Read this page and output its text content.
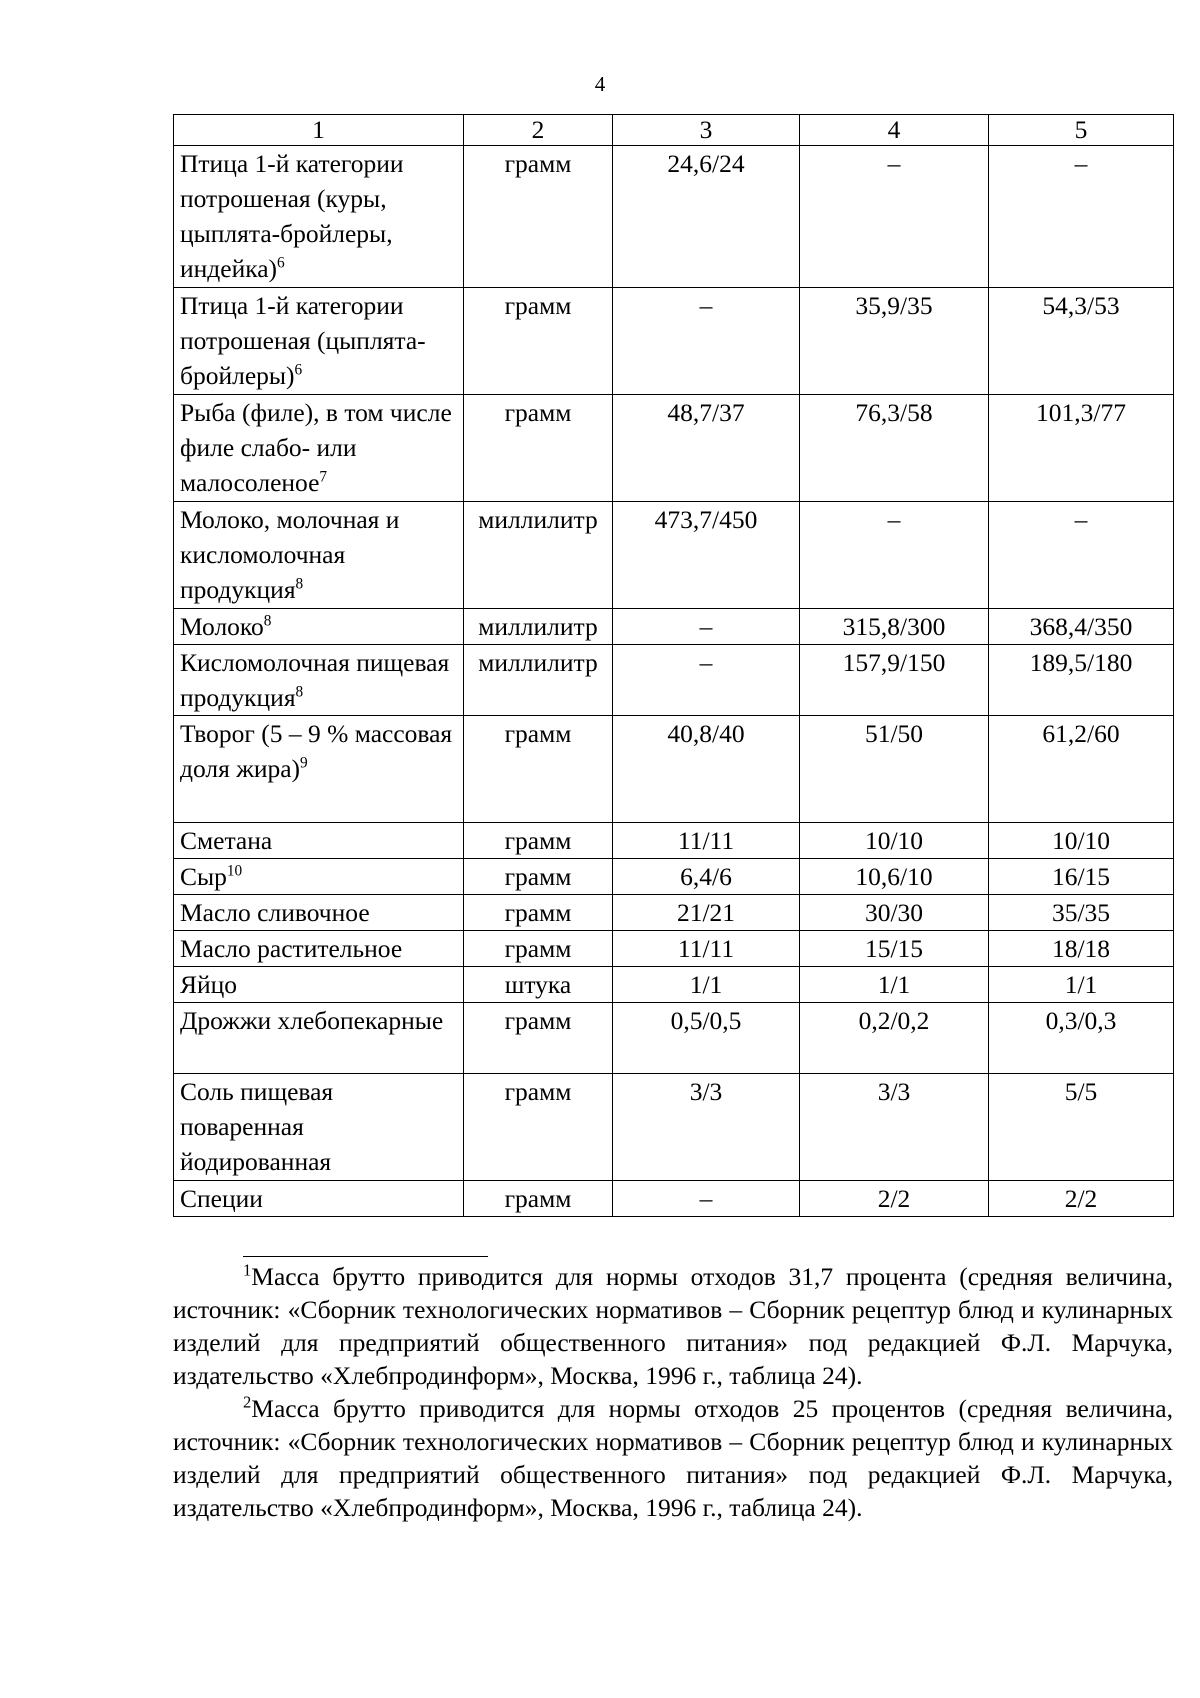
4
1	2	3	4	5
Птица 1-й категории потрошеная (куры, цыплята-бройлеры, индейка)$^6$	грамм	24,6/24	–	–
Птица 1-й категории потрошеная (цыплята-бройлеры)$^6$	грамм	–	35,9/35	54,3/53
Рыба (филе), в том числе филе слабо- или малосоленое$^7$	грамм	48,7/37	76,3/58	101,3/77
Молоко, молочная и кисломолочная продукция$^8$	миллилитр	473,7/450	–	–
Молоко$^8$	миллилитр	–	315,8/300	368,4/350
Кисломолочная пищевая продукция$^8$	миллилитр	–	157,9/150	189,5/180
Творог (5 – 9 % массовая доля жира)$^9$	грамм	40,8/40	51/50	61,2/60
Сметана	грамм	11/11	10/10	10/10
Сыр$^{10}$	грамм	6,4/6	10,6/10	16/15
Масло сливочное	грамм	21/21	30/30	35/35
Масло растительное	грамм	11/11	15/15	18/18
Яйцо	штука	1/1	1/1	1/1
Дрожжи хлебопекарные	грамм	0,5/0,5	0,2/0,2	0,3/0,3
Соль пищевая поваренная йодированная	грамм	3/3	3/3	5/5
Специи	грамм	–	2/2	2/2

$^1$Масса брутто приводится для нормы отходов 31,7 процента (средняя величина, источник: «Сборник технологических нормативов – Сборник рецептур блюд и кулинарных изделий для предприятий общественного питания» под редакцией Ф.Л. Марчука, издательство «Хлебпродинформ», Москва, 1996 г., таблица 24).

$^2$Масса брутто приводится для нормы отходов 25 процентов (средняя величина, источник: «Сборник технологических нормативов – Сборник рецептур блюд и кулинарных изделий для предприятий общественного питания» под редакцией Ф.Л. Марчука, издательство «Хлебпродинформ», Москва, 1996 г., таблица 24).
